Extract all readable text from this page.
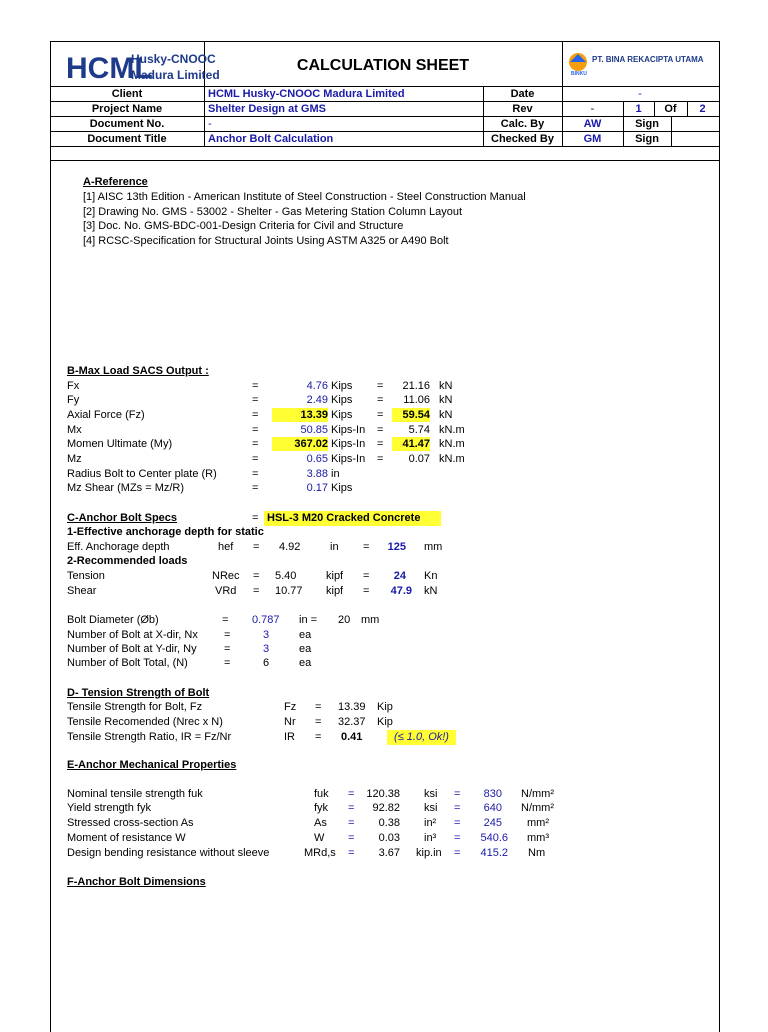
HCML
Husky-CNOOC
Madura Limited
CALCULATION SHEET	BINKU
PT. BINA REKACIPTA UTAMA
Client	HCML Husky-CNOOC Madura Limited	Date	-
Project Name	Shelter Design at GMS	Rev	-	1	Of	2
Document No.	-	Calc. By	AW	Sign
Document Title	Anchor Bolt Calculation	Checked By	GM	Sign
A-Reference
[1] AISC 13th Edition - American Institute of Steel Construction - Steel Construction Manual
[2] Drawing No. GMS - 53002 - Shelter - Gas Metering Station Column Layout
[3] Doc. No. GMS-BDC-001-Design Criteria for Civil and Structure
[4] RCSC-Specification for Structural Joints Using ASTM A325 or A490 Bolt
B-Max Load SACS Output :
Fx	=	4.76 Kips =	21.16 kN
Fy	=	2.49 Kips =	11.06 kN
Axial Force (Fz)	=	13.39 Kips =	59.54 kN
Mx	=	50.85 Kips-In =	5.74 kN.m
Momen Ultimate (My)	=	367.02 Kips-In =	41.47 kN.m
Mz	=	0.65 Kips-In =	0.07 kN.m
Radius Bolt to Center plate (R)	=	3.88 in
Mz Shear (MZs = Mz/R)	=	0.17 Kips
C-Anchor Bolt Specs	= HSL-3 M20 Cracked Concrete
1-Effective anchorage depth for static
Eff. Anchorage depth	hef = 4.92	in =	125 mm
2-Recommended loads
Tension	NRec = 5.40	kipf =	24 Kn
Shear	VRd = 10.77 kipf =	47.9 kN
Bolt Diameter (Øb)	= 0.787 in = 20 mm
Number of Bolt at X-dir, Nx =	3	ea
Number of Bolt at Y-dir, Ny =	3	ea
Number of Bolt Total, (N)	=	6	ea
D- Tension Strength of Bolt
Tensile Strength for Bolt, Fz	Fz = 13.39 Kip
Tensile Recomended (Nrec x N)	Nr = 32.37 Kip
Tensile Strength Ratio, IR = Fz/Nr	IR = 0.41	(≤ 1.0, Ok!)
E-Anchor Mechanical Properties
Nominal tensile strength fuk	fuk =	120.38 ksi =	830 N/mm²
Yield strength fyk	fyk =	92.82 ksi =	640 N/mm²
Stressed cross-section As	As =	0.38 in² =	245 mm²
Moment of resistance W	W =	0.03 in³ =	540.6 mm³
Design bending resistance without sleeve	MRd,s =	3.67 kip.in =	415.2 Nm
F-Anchor Bolt Dimensions
